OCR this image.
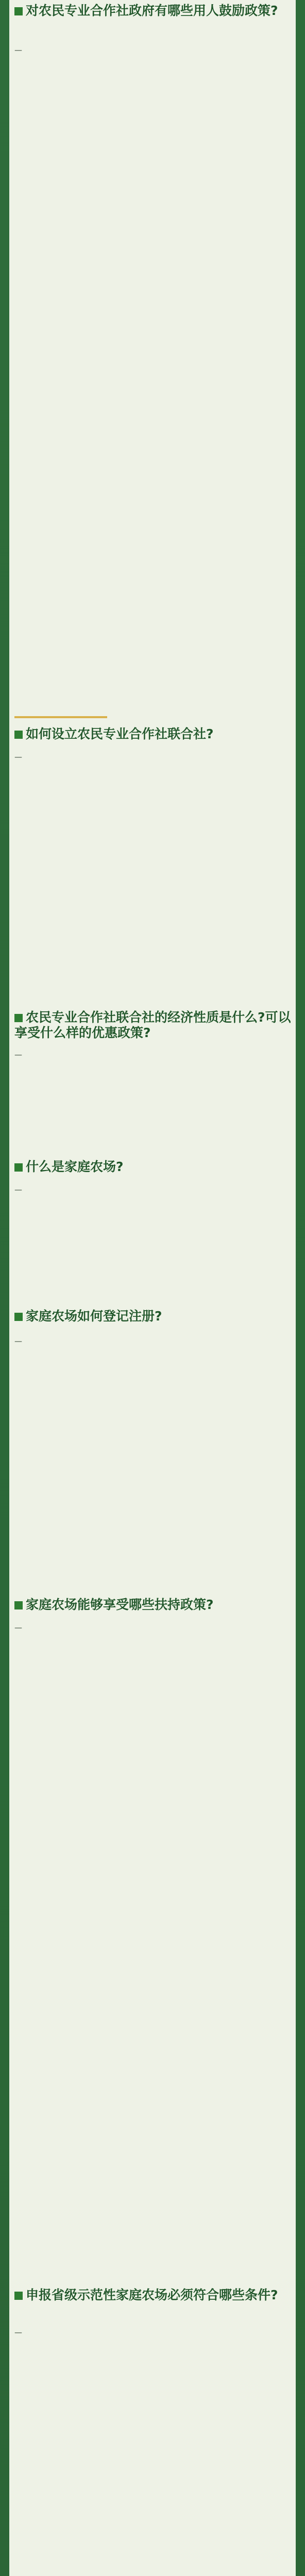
对农民专业合作社政府有哪些用人鼓励政策?
—
如何设立农民专业合作社联合社?
—
农民专业合作社联合社的经济性质是什么?可以享受什么样的优惠政策?
—
什么是家庭农场?
—
家庭农场如何登记注册?
—
家庭农场能够享受哪些扶持政策?
—
申报省级示范性家庭农场必须符合哪些条件?
—
